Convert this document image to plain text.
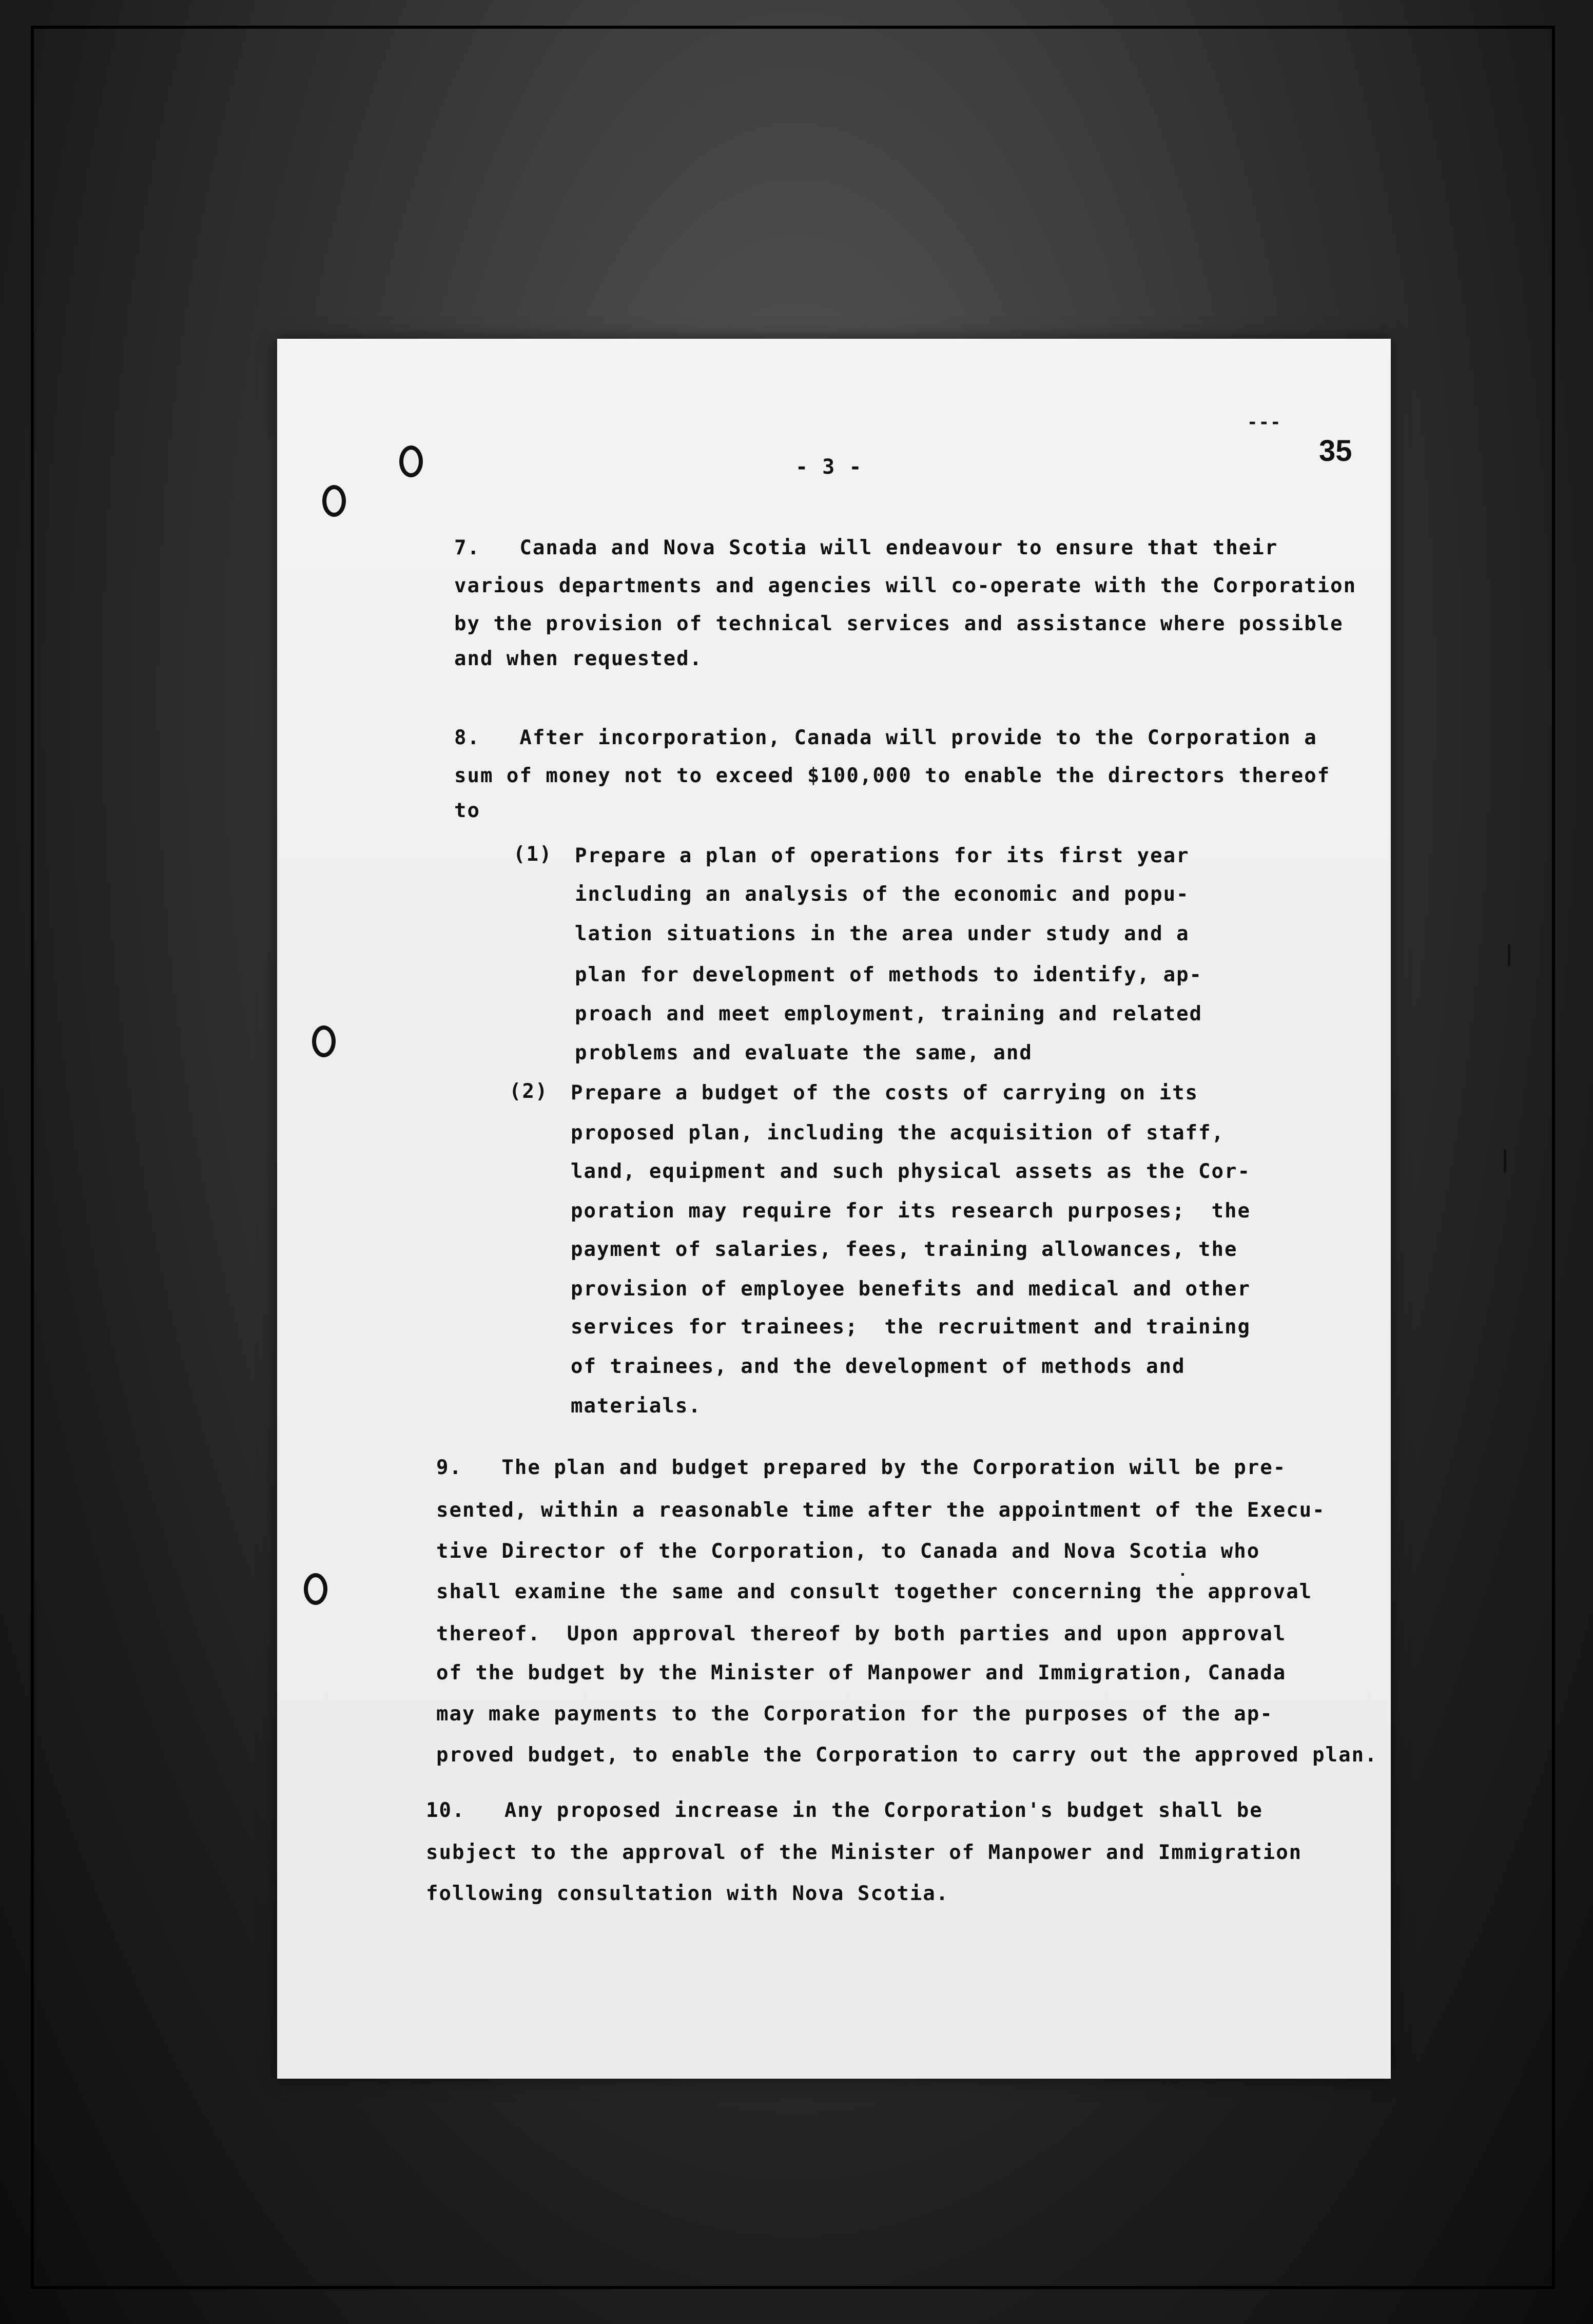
---
- 3 -	35
7.   Canada and Nova Scotia will endeavour to ensure that their
various departments and agencies will co-operate with the Corporation
by the provision of technical services and assistance where possible
and when requested.
8.   After incorporation, Canada will provide to the Corporation a
sum of money not to exceed $100,000 to enable the directors thereof
to
(1) Prepare a plan of operations for its first year
including an analysis of the economic and popu-
lation situations in the area under study and a
plan for development of methods to identify, ap-
proach and meet employment, training and related
problems and evaluate the same, and
(2) Prepare a budget of the costs of carrying on its
proposed plan, including the acquisition of staff,
land, equipment and such physical assets as the Cor-
poration may require for its research purposes;  the
payment of salaries, fees, training allowances, the
provision of employee benefits and medical and other
services for trainees;  the recruitment and training
of trainees, and the development of methods and
materials.
9.   The plan and budget prepared by the Corporation will be pre-
sented, within a reasonable time after the appointment of the Execu-
tive Director of the Corporation, to Canada and Nova Scotia who
shall examine the same and consult together concerning the approval
thereof.  Upon approval thereof by both parties and upon approval
of the budget by the Minister of Manpower and Immigration, Canada
may make payments to the Corporation for the purposes of the ap-
proved budget, to enable the Corporation to carry out the approved plan.
10.   Any proposed increase in the Corporation's budget shall be
subject to the approval of the Minister of Manpower and Immigration
following consultation with Nova Scotia.
